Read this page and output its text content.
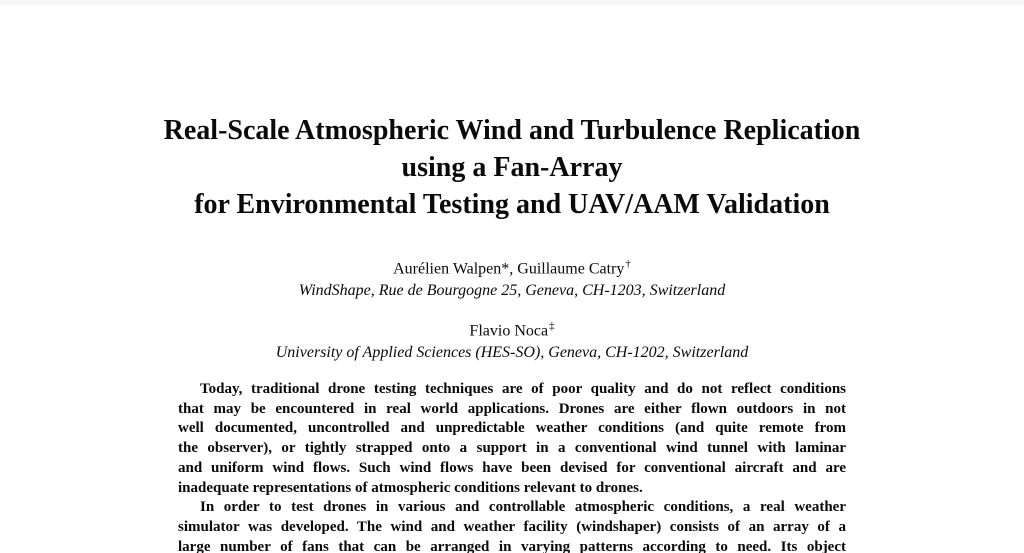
Real-Scale Atmospheric Wind and Turbulence Replication
using a Fan-Array
for Environmental Testing and UAV/AAM Validation
Aurélien Walpen*, Guillaume Catry†
WindShape, Rue de Bourgogne 25, Geneva, CH-1203, Switzerland
Flavio Noca‡
University of Applied Sciences (HES-SO), Geneva, CH-1202, Switzerland
Today, traditional drone testing techniques are of poor quality and do not reflect conditions
that may be encountered in real world applications. Drones are either flown outdoors in not
well documented, uncontrolled and unpredictable weather conditions (and quite remote from
the observer), or tightly strapped onto a support in a conventional wind tunnel with laminar
and uniform wind flows. Such wind flows have been devised for conventional aircraft and are
inadequate representations of atmospheric conditions relevant to drones.
In order to test drones in various and controllable atmospheric conditions, a real weather
simulator was developed. The wind and weather facility (windshaper) consists of an array of a
large number of fans that can be arranged in varying patterns according to need. Its object
